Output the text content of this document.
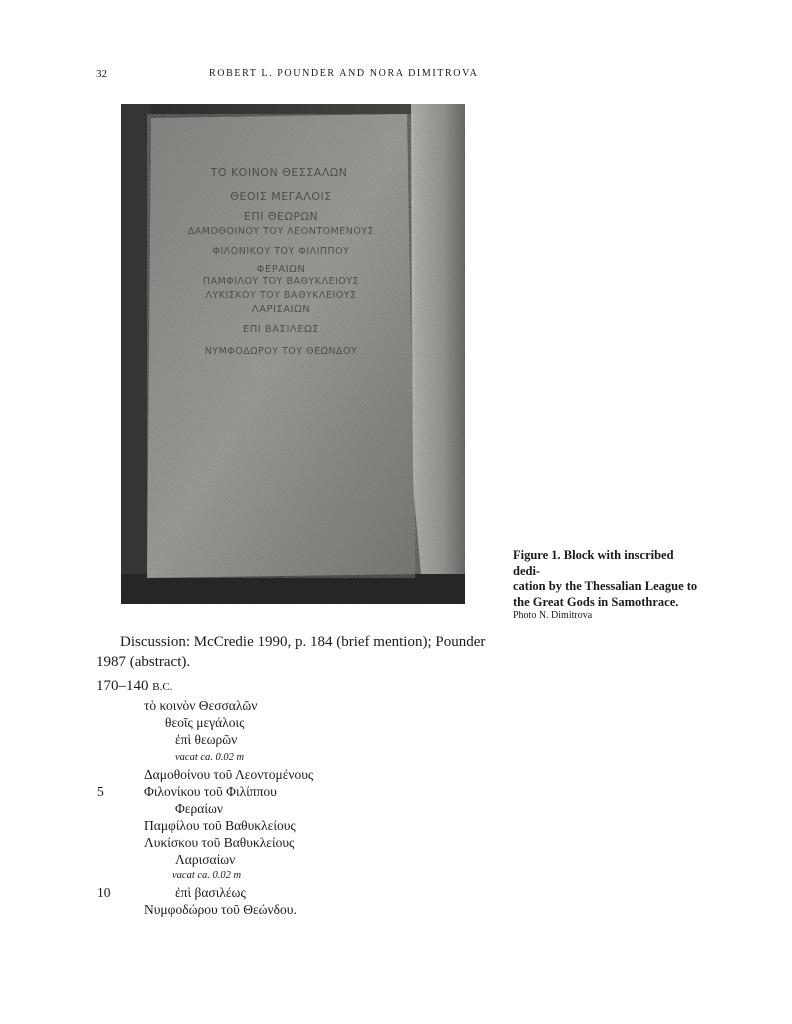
32	ROBERT L. POUNDER AND NORA DIMITROVA
ΤΟ ΚΟΙΝΟΝ ΘΕΣΣΑΛΩΝ
ΘΕΟΙΣ ΜΕΓΑΛΟΙΣ
ΕΠΙ ΘΕΩΡΩΝ
ΔΑΜΟΘΟΙΝΟΥ ΤΟΥ ΛΕΟΝΤΟΜΕΝΟΥΣ
ΦΙΛΟΝΙΚΟΥ ΤΟΥ ΦΙΛΙΠΠΟΥ
ΦΕΡΑΙΩΝ
ΠΑΜΦΙΛΟΥ ΤΟΥ ΒΑΘΥΚΛΕΙΟΥΣ
ΛΥΚΙΣΚΟΥ ΤΟΥ ΒΑΘΥΚΛΕΙΟΥΣ
ΛΑΡΙΣΑΙΩΝ
ΕΠΙ ΒΑΣΙΛΕΩΣ
ΝΥΜΦΟΔΩΡΟΥ ΤΟΥ ΘΕΩΝΔΟΥ
Figure 1. Block with inscribed dedi-
cation by the Thessalian League to
the Great Gods in Samothrace.
Photo N. Dimitrova
Discussion: McCredie 1990, p. 184 (brief mention); Pounder 1987 (abstract).
170–140 B.C.
τὸ κοινὸν Θεσσαλῶν
θεοῖς μεγάλοις
ἐπὶ θεωρῶν
vacat ca. 0.02 m
Δαμοθοίνου τοῦ Λεοντομένους
5	Φιλονίκου τοῦ Φιλίππου
Φεραίων
Παμφίλου τοῦ Βαθυκλείους
Λυκίσκου τοῦ Βαθυκλείους
Λαρισαίων
vacat ca. 0.02 m
10	ἐπὶ βασιλέως
Νυμφοδώρου τοῦ Θεώνδου.
